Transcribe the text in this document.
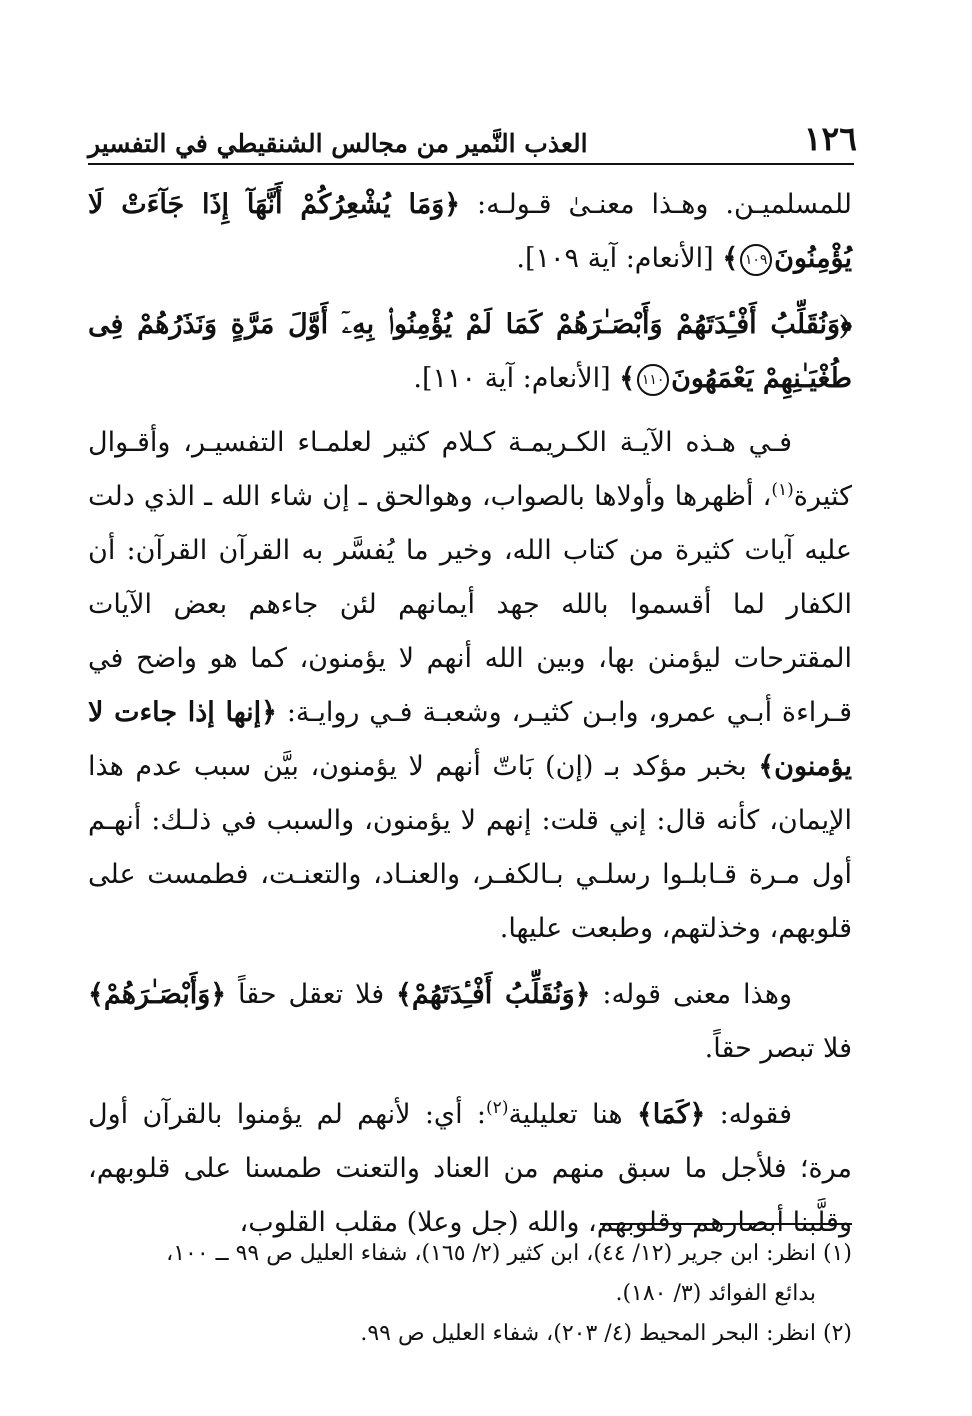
١٢٦
العذب النَّمير من مجالس الشنقيطي في التفسير

للمسلميـن. وهـذا معنـىٰ قـولـه: ﴿وَمَا يُشْعِرُكُمْ أَنَّهَآ إِذَا جَآءَتْ لَا يُؤْمِنُونَ١٠٩﴾ [الأنعام: آية ١٠٩].

﴿وَنُقَلِّبُ أَفْـِٔدَتَهُمْ وَأَبْصَـٰرَهُمْ كَمَا لَمْ يُؤْمِنُوا۟ بِهِۦٓ أَوَّلَ مَرَّةٍ وَنَذَرُهُمْ فِى طُغْيَـٰنِهِمْ يَعْمَهُونَ١١٠﴾ [الأنعام: آية ١١٠].

فـي هـذه الآيـة الكـريمـة كـلام كثير لعلمـاء التفسيـر، وأقـوال كثيرة$^{(١)}$، أظهرها وأولاها بالصواب، وهوالحق ـ إن شاء الله ـ الذي دلت عليه آيات كثيرة من كتاب الله، وخير ما يُفسَّر به القرآن القرآن: أن الكفار لما أقسموا بالله جهد أيمانهم لئن جاءهم بعض الآيات المقترحات ليؤمنن بها، وبين الله أنهم لا يؤمنون، كما هو واضح في قـراءة أبـي عمرو، وابـن كثيـر، وشعبـة فـي روايـة: ﴿إنها إذا جاءت لا يؤمنون﴾ بخبر مؤكد بـ (إن) بَاتّ أنهم لا يؤمنون، بيَّن سبب عدم هذا الإيمان، كأنه قال: إني قلت: إنهم لا يؤمنون، والسبب في ذلـك: أنهـم أول مـرة قـابلـوا رسلـي بـالكفـر، والعنـاد، والتعنـت، فطمست على قلوبهم، وخذلتهم، وطبعت عليها.

وهذا معنى قوله: ﴿وَنُقَلِّبُ أَفْـِٔدَتَهُمْ﴾ فلا تعقل حقاً ﴿وَأَبْصَـٰرَهُمْ﴾ فلا تبصر حقاً.

فقوله: ﴿كَمَا﴾ هنا تعليلية$^{(٢)}$: أي: لأنهم لم يؤمنوا بالقرآن أول مرة؛ فلأجل ما سبق منهم من العناد والتعنت طمسنا على قلوبهم، وقلَّبنا أبصارهم وقلوبهم، والله (جل وعلا) مقلب القلوب،

(١) انظر: ابن جرير (١٢/ ٤٤)، ابن كثير (٢/ ١٦٥)، شفاء العليل ص ٩٩ ــ ١٠٠،

بدائع الفوائد (٣/ ١٨٠).

(٢) انظر: البحر المحيط (٤/ ٢٠٣)، شفاء العليل ص ٩٩.
